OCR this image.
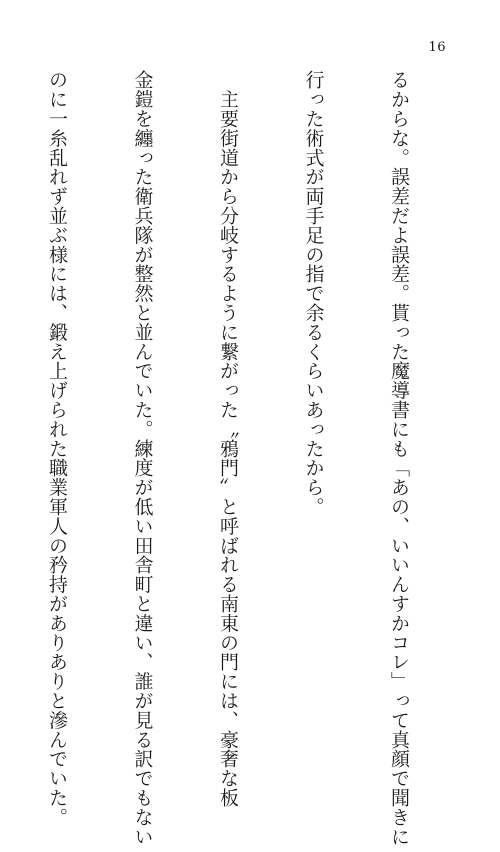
16

るからな。誤差だよ誤差。貰った魔導書にも「あの、いいんすかコレ」って真顔で聞きに

行った術式が両手足の指で余るくらいあったから。

　主要街道から分岐するように繋がった〝鴉門〟と呼ばれる南東の門には、豪奢な板

金鎧を纏った衛兵隊が整然と並んでいた。練度が低い田舎町と違い、誰が見る訳でもない

のに一糸乱れず並ぶ様には、鍛え上げられた職業軍人の矜持がありありと滲んでいた。
